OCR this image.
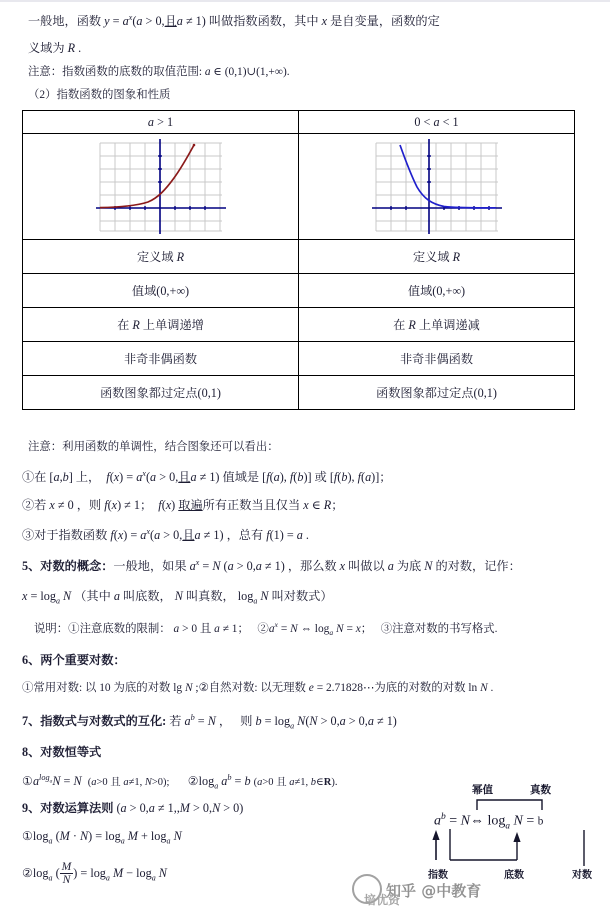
一般地，函数 $y = a^x(a > 0$,且a ≠ 1) 叫做指数函数，其中 x 是自变量，函数的定
义域为 R .
注意：指数函数的底数的取值范围: a ∈ (0,1)∪(1,+∞).
（2）指数函数的图象和性质
a > 1	0 < a < 1

定义域 R	定义域 R
值域(0,+∞)	值域(0,+∞)
在 R 上单调递增	在 R 上单调递减
非奇非偶函数	非奇非偶函数
函数图象都过定点(0,1)	函数图象都过定点(0,1)
注意：利用函数的单调性，结合图象还可以看出：
①在 [a,b] 上，  $f(x) = a^x(a > 0$,且a ≠ 1) 值域是 [f(a), f(b)] 或 [f(b), f(a)]；
②若 x ≠ 0 ，则 f(x) ≠ 1；  f(x) 取遍所有正数当且仅当 x ∈ R；
③对于指数函数 $f(x) = a^x(a > 0$,且a ≠ 1) ，总有 f(1) = a .
5、对数的概念：一般地，如果 $a^x = N$ (a > 0,a ≠ 1) ，那么数 x 叫做以 a 为底 N 的对数，记作：
$x = \log_a N$ （其中 a 叫底数， N 叫真数， $\log_a N$ 叫对数式）
说明：①注意底数的限制： a > 0 且 a ≠ 1；   $②a^x = N$ ⇔ $\log_a N = x$；   ③注意对数的书写格式.
6、两个重要对数：
①常用对数: 以 10 为底的对数 lg N ;②自然对数: 以无理数 e = 2.71828⋯为底的对数的对数 ln N .
7、指数式与对数式的互化: 若 $a^b = N$ ，   则 $b = \log_a N(N > 0,a > 0,a \ne 1)$
8、对数恒等式
$①a^{log_a}N = N$ (a>0 且 a≠1, N>0);      $②\log_a$ $a^b = b$ (a>0 且 a≠1, b∈R).
9、对数运算法则 (a > 0,a ≠ 1,,M > 0,N > 0)
$①\log_a$ $(M \cdot N) = \log_a M + \log_a N$
$②\log_a$ ( $\frac{M}{N}$ ) = $\log_a M - \log_a N$
幂值	真数
$a^b$ = N⇔ $\log_a N = b$
指数	底数	对数
知乎 @中教育
培优资
